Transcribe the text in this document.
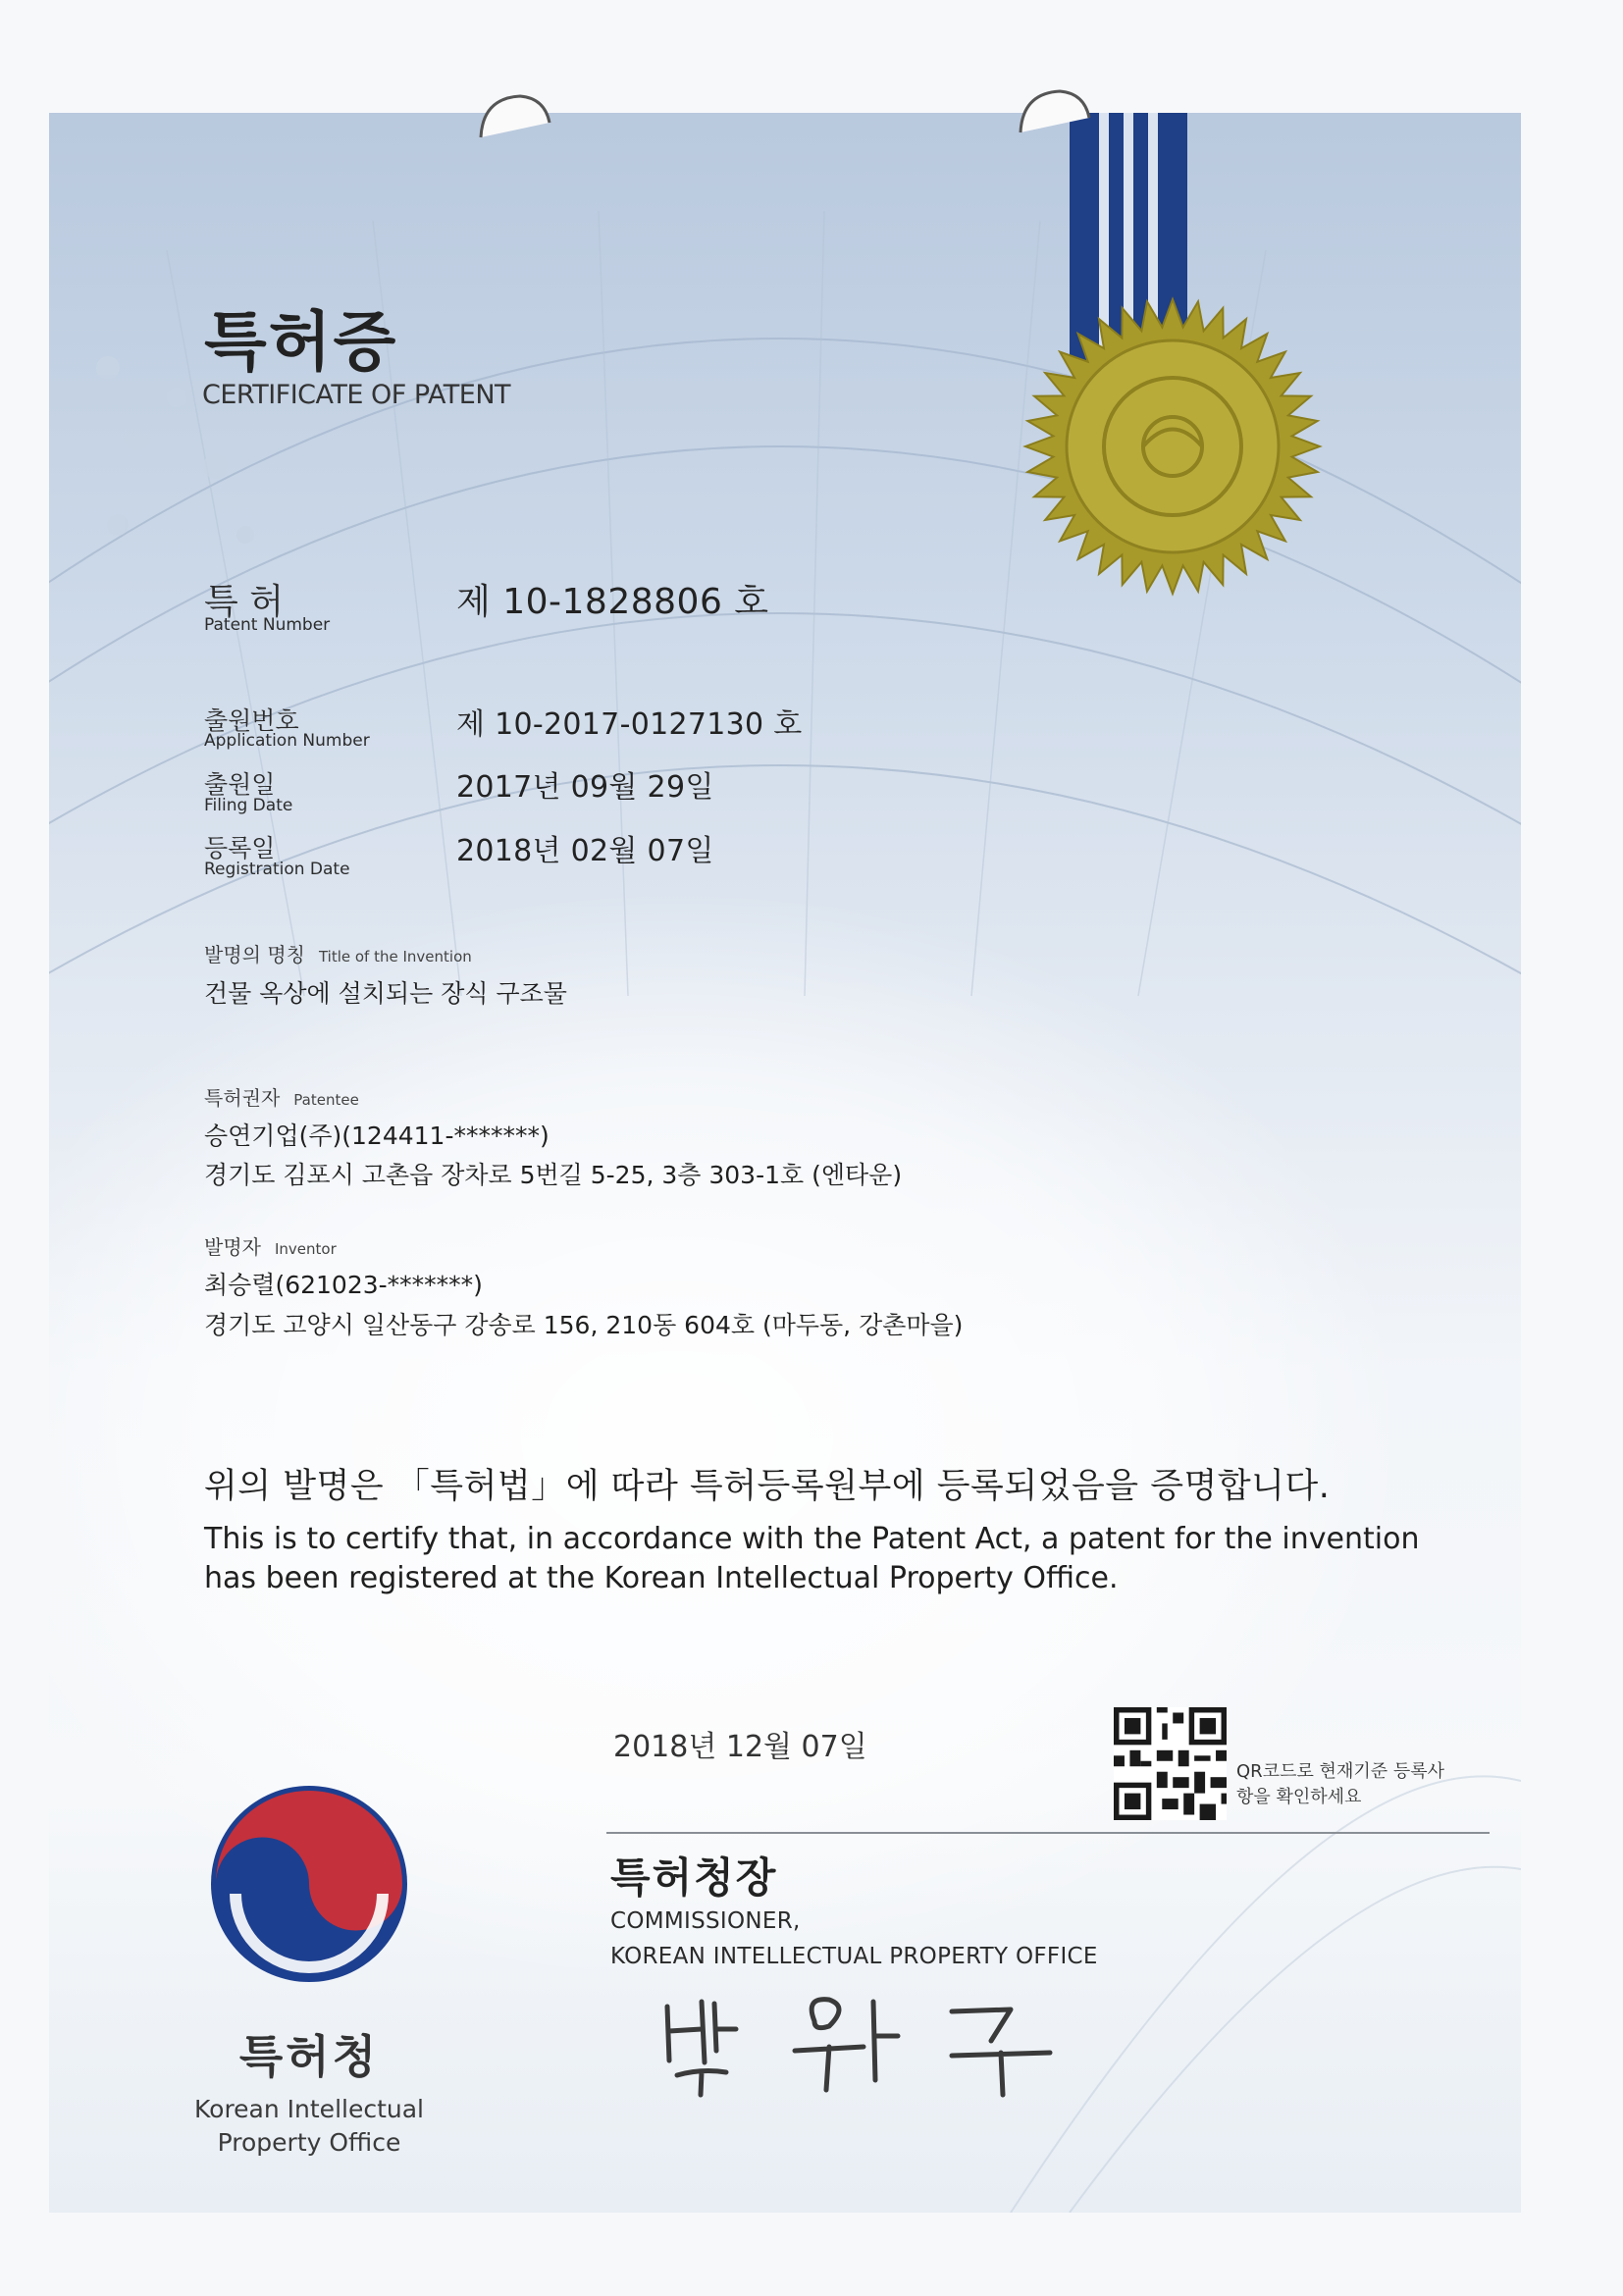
특허증
CERTIFICATE OF PATENT
특 허
Patent Number
제 10-1828806 호
출원번호
Application Number	제 10-2017-0127130 호
출원일
Filing Date
2017년 09월 29일
등록일
Registration Date
2018년 02월 07일
발명의 명칭 Title of the Invention
건물 옥상에 설치되는 장식 구조물
특허권자 Patentee
승연기업(주)(124411-*******)
경기도 김포시 고촌읍 장차로 5번길 5-25, 3층 303-1호 (엔타운)
발명자 Inventor
최승렬(621023-*******)
경기도 고양시 일산동구 강송로 156, 210동 604호 (마두동, 강촌마을)
위의 발명은 「특허법」에 따라 특허등록원부에 등록되었음을 증명합니다.
This is to certify that, in accordance with the Patent Act, a patent for the invention
has been registered at the Korean Intellectual Property Office.
2018년 12월 07일
QR코드로 현재기준 등록사항을 확인하세요
특허청장
COMMISSIONER,
KOREAN INTELLECTUAL PROPERTY OFFICE
특허청
Korean Intellectual Property Office
